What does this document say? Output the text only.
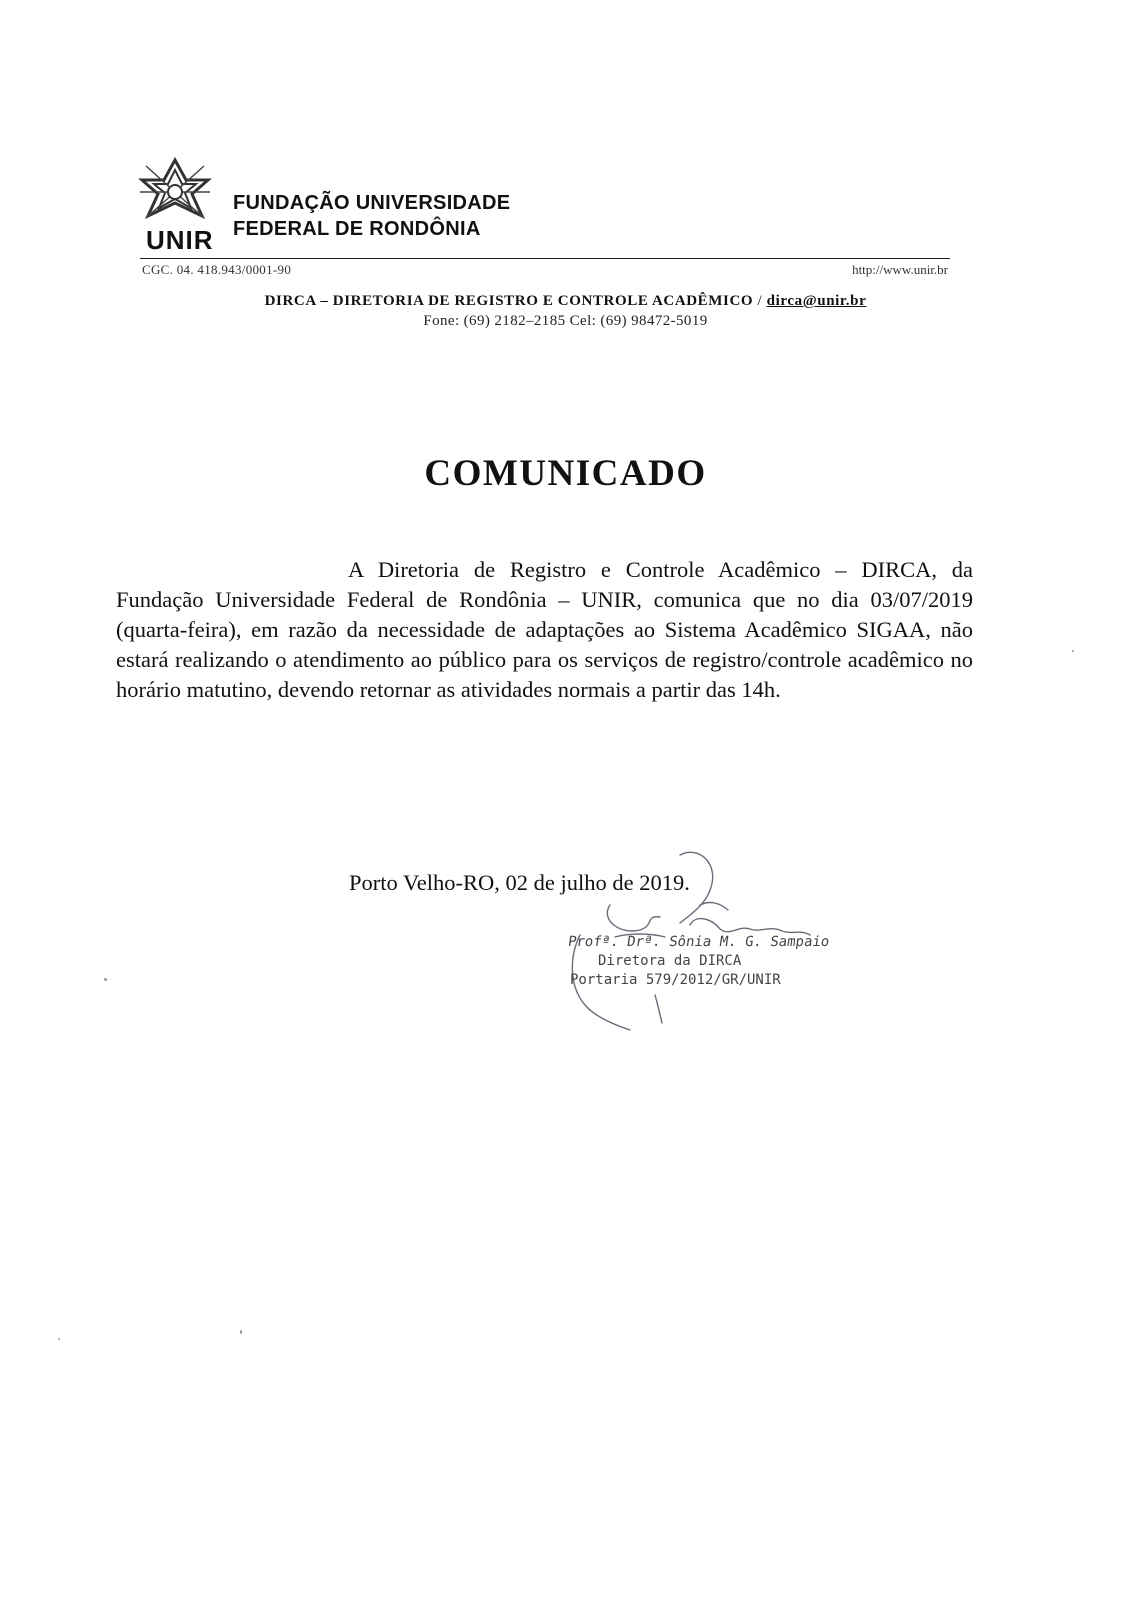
UNIR
FUNDAÇÃO UNIVERSIDADE
FEDERAL DE RONDÔNIA
CGC. 04. 418.943/0001-90	http://www.unir.br
DIRCA – DIRETORIA DE REGISTRO E CONTROLE ACADÊMICO / dirca@unir.br
Fone: (69) 2182–2185 Cel: (69) 98472-5019
COMUNICADO
A Diretoria de Registro e Controle Acadêmico – DIRCA, da Fundação Universidade Federal de Rondônia – UNIR, comunica que no dia 03/07/2019 (quarta-feira), em razão da necessidade de adaptações ao Sistema Acadêmico SIGAA, não estará realizando o atendimento ao público para os serviços de registro/controle acadêmico no horário matutino, devendo retornar as atividades normais a partir das 14h.
Porto Velho-RO, 02 de julho de 2019.
Profª. Drª. Sônia M. G. Sampaio
Diretora da DIRCA
Portaria 579/2012/GR/UNIR
